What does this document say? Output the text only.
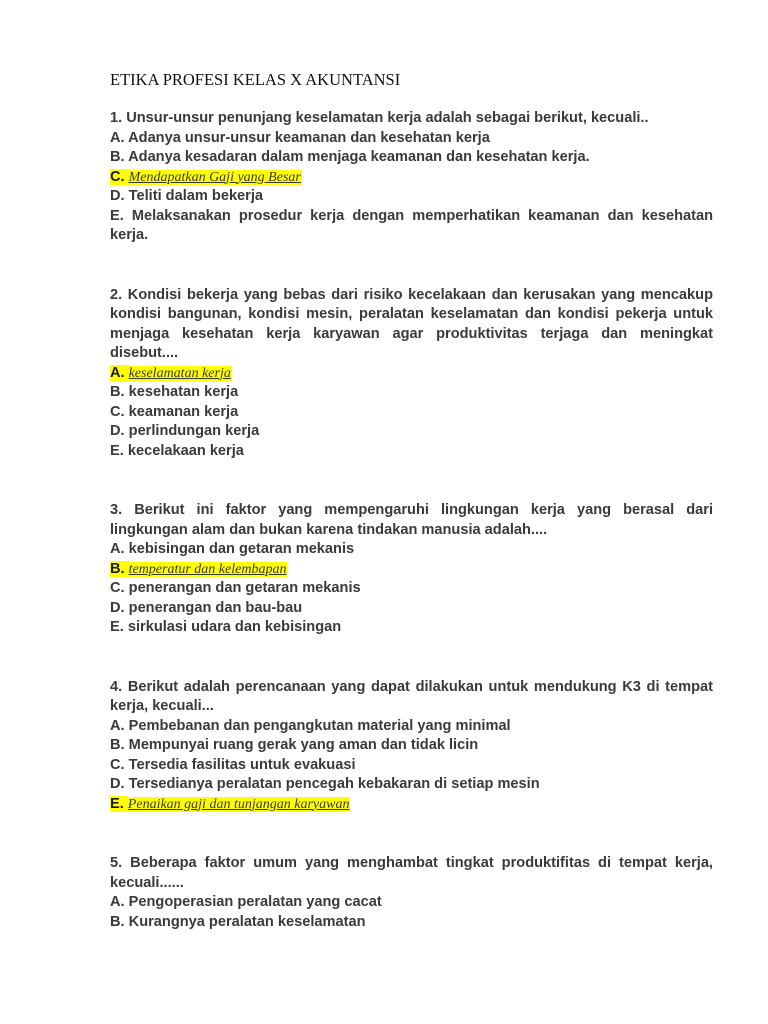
ETIKA PROFESI KELAS X AKUNTANSI

1. Unsur-unsur penunjang keselamatan kerja adalah sebagai berikut, kecuali..

A. Adanya unsur-unsur keamanan dan kesehatan kerja

B. Adanya kesadaran dalam menjaga keamanan dan kesehatan kerja.

C. Mendapatkan Gaji yang Besar

D. Teliti dalam bekerja

E. Melaksanakan prosedur kerja dengan memperhatikan keamanan dan kesehatan kerja.

2. Kondisi bekerja yang bebas dari risiko kecelakaan dan kerusakan yang mencakup kondisi bangunan, kondisi mesin, peralatan keselamatan dan kondisi pekerja untuk menjaga kesehatan kerja karyawan agar produktivitas terjaga dan meningkat disebut....

A. keselamatan kerja

B. kesehatan kerja

C. keamanan kerja

D. perlindungan kerja

E. kecelakaan kerja

3. Berikut ini faktor yang mempengaruhi lingkungan kerja yang berasal dari lingkungan alam dan bukan karena tindakan manusia adalah....

A. kebisingan dan getaran mekanis

B. temperatur dan kelembapan

C. penerangan dan getaran mekanis

D. penerangan dan bau-bau

E. sirkulasi udara dan kebisingan

4. Berikut adalah perencanaan yang dapat dilakukan untuk mendukung K3 di tempat kerja, kecuali...

A. Pembebanan dan pengangkutan material yang minimal

B. Mempunyai ruang gerak yang aman dan tidak licin

C. Tersedia fasilitas untuk evakuasi

D. Tersedianya peralatan pencegah kebakaran di setiap mesin

E. Penaikan gaji dan tunjangan karyawan

5. Beberapa faktor umum yang menghambat tingkat produktifitas di tempat kerja, kecuali......

A. Pengoperasian peralatan yang cacat

B. Kurangnya peralatan keselamatan
